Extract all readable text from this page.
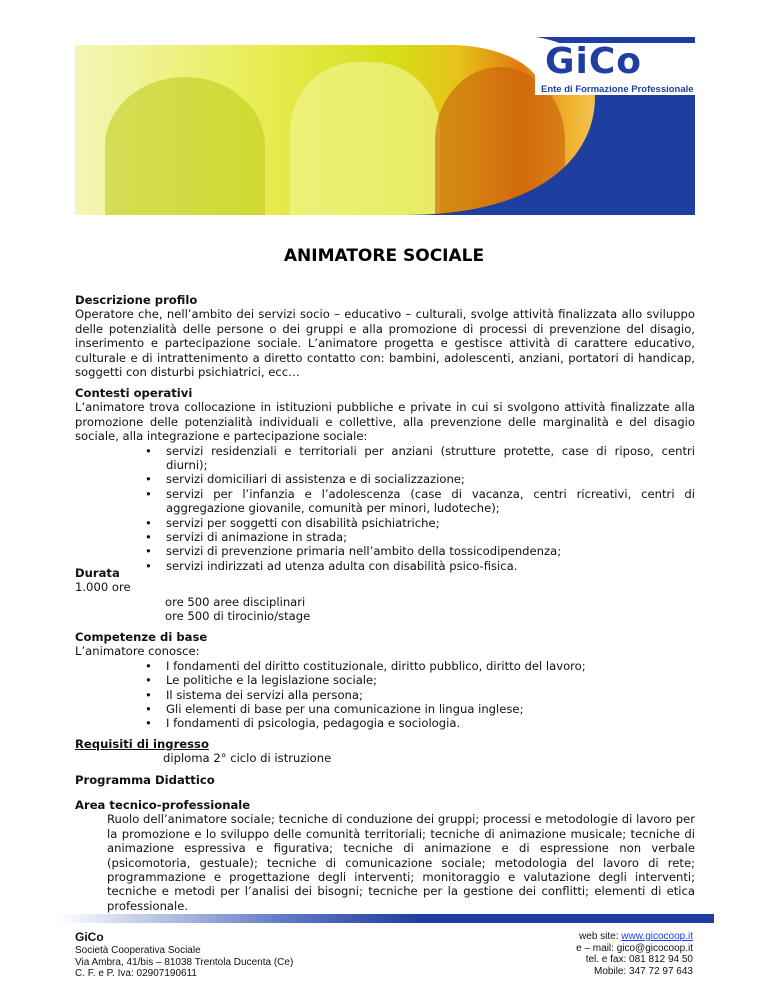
GiCo
Ente di Formazione Professionale
ANIMATORE SOCIALE
Descrizione profilo
Operatore che, nell’ambito dei servizi socio – educativo – culturali, svolge attività finalizzata allo sviluppo delle potenzialità delle persone o dei gruppi e alla promozione di processi di prevenzione del disagio, inserimento e partecipazione sociale. L’animatore progetta e gestisce attività di carattere educativo, culturale e di intrattenimento a diretto contatto con: bambini, adolescenti, anziani, portatori di handicap, soggetti con disturbi psichiatrici, ecc…
Contesti operativi
L’animatore trova collocazione in istituzioni pubbliche e private in cui si svolgono attività finalizzate alla promozione delle potenzialità individuali e collettive, alla prevenzione delle marginalità e del disagio sociale, alla integrazione e partecipazione sociale:
• servizi residenziali e territoriali per anziani (strutture protette, case di riposo, centri diurni);
• servizi domiciliari di assistenza e di socializzazione;
• servizi per l’infanzia e l’adolescenza (case di vacanza, centri ricreativi, centri di aggregazione giovanile, comunità per minori, ludoteche);
• servizi per soggetti con disabilità psichiatriche;
• servizi di animazione in strada;
• servizi di prevenzione primaria nell’ambito della tossicodipendenza;
• servizi indirizzati ad utenza adulta con disabilità psico-fisica.
Durata
1.000 ore
ore 500 aree disciplinari
ore 500 di tirocinio/stage
Competenze di base
L’animatore conosce:
• I fondamenti del diritto costituzionale, diritto pubblico, diritto del lavoro;
• Le politiche e la legislazione sociale;
• Il sistema dei servizi alla persona;
• Gli elementi di base per una comunicazione in lingua inglese;
• I fondamenti di psicologia, pedagogia e sociologia.
Requisiti di ingresso
diploma 2° ciclo di istruzione
Programma Didattico
Area tecnico-professionale
Ruolo dell’animatore sociale; tecniche di conduzione dei gruppi; processi e metodologie di lavoro per la promozione e lo sviluppo delle comunità territoriali; tecniche di animazione musicale; tecniche di animazione espressiva e figurativa; tecniche di animazione e di espressione non verbale (psicomotoria, gestuale); tecniche di comunicazione sociale; metodologia del lavoro di rete; programmazione e progettazione degli interventi; monitoraggio e valutazione degli interventi; tecniche e metodi per l’analisi dei bisogni; tecniche per la gestione dei conflitti; elementi di etica professionale.
GiCo
Società Cooperativa Sociale
Via Ambra, 41/bis – 81038 Trentola Ducenta (Ce)
C. F. e P. Iva: 02907190611
web site: www.gicocoop.it
e – mail: gico@gicocoop.it
tel. e fax: 081 812 94 50
Mobile: 347 72 97 643
